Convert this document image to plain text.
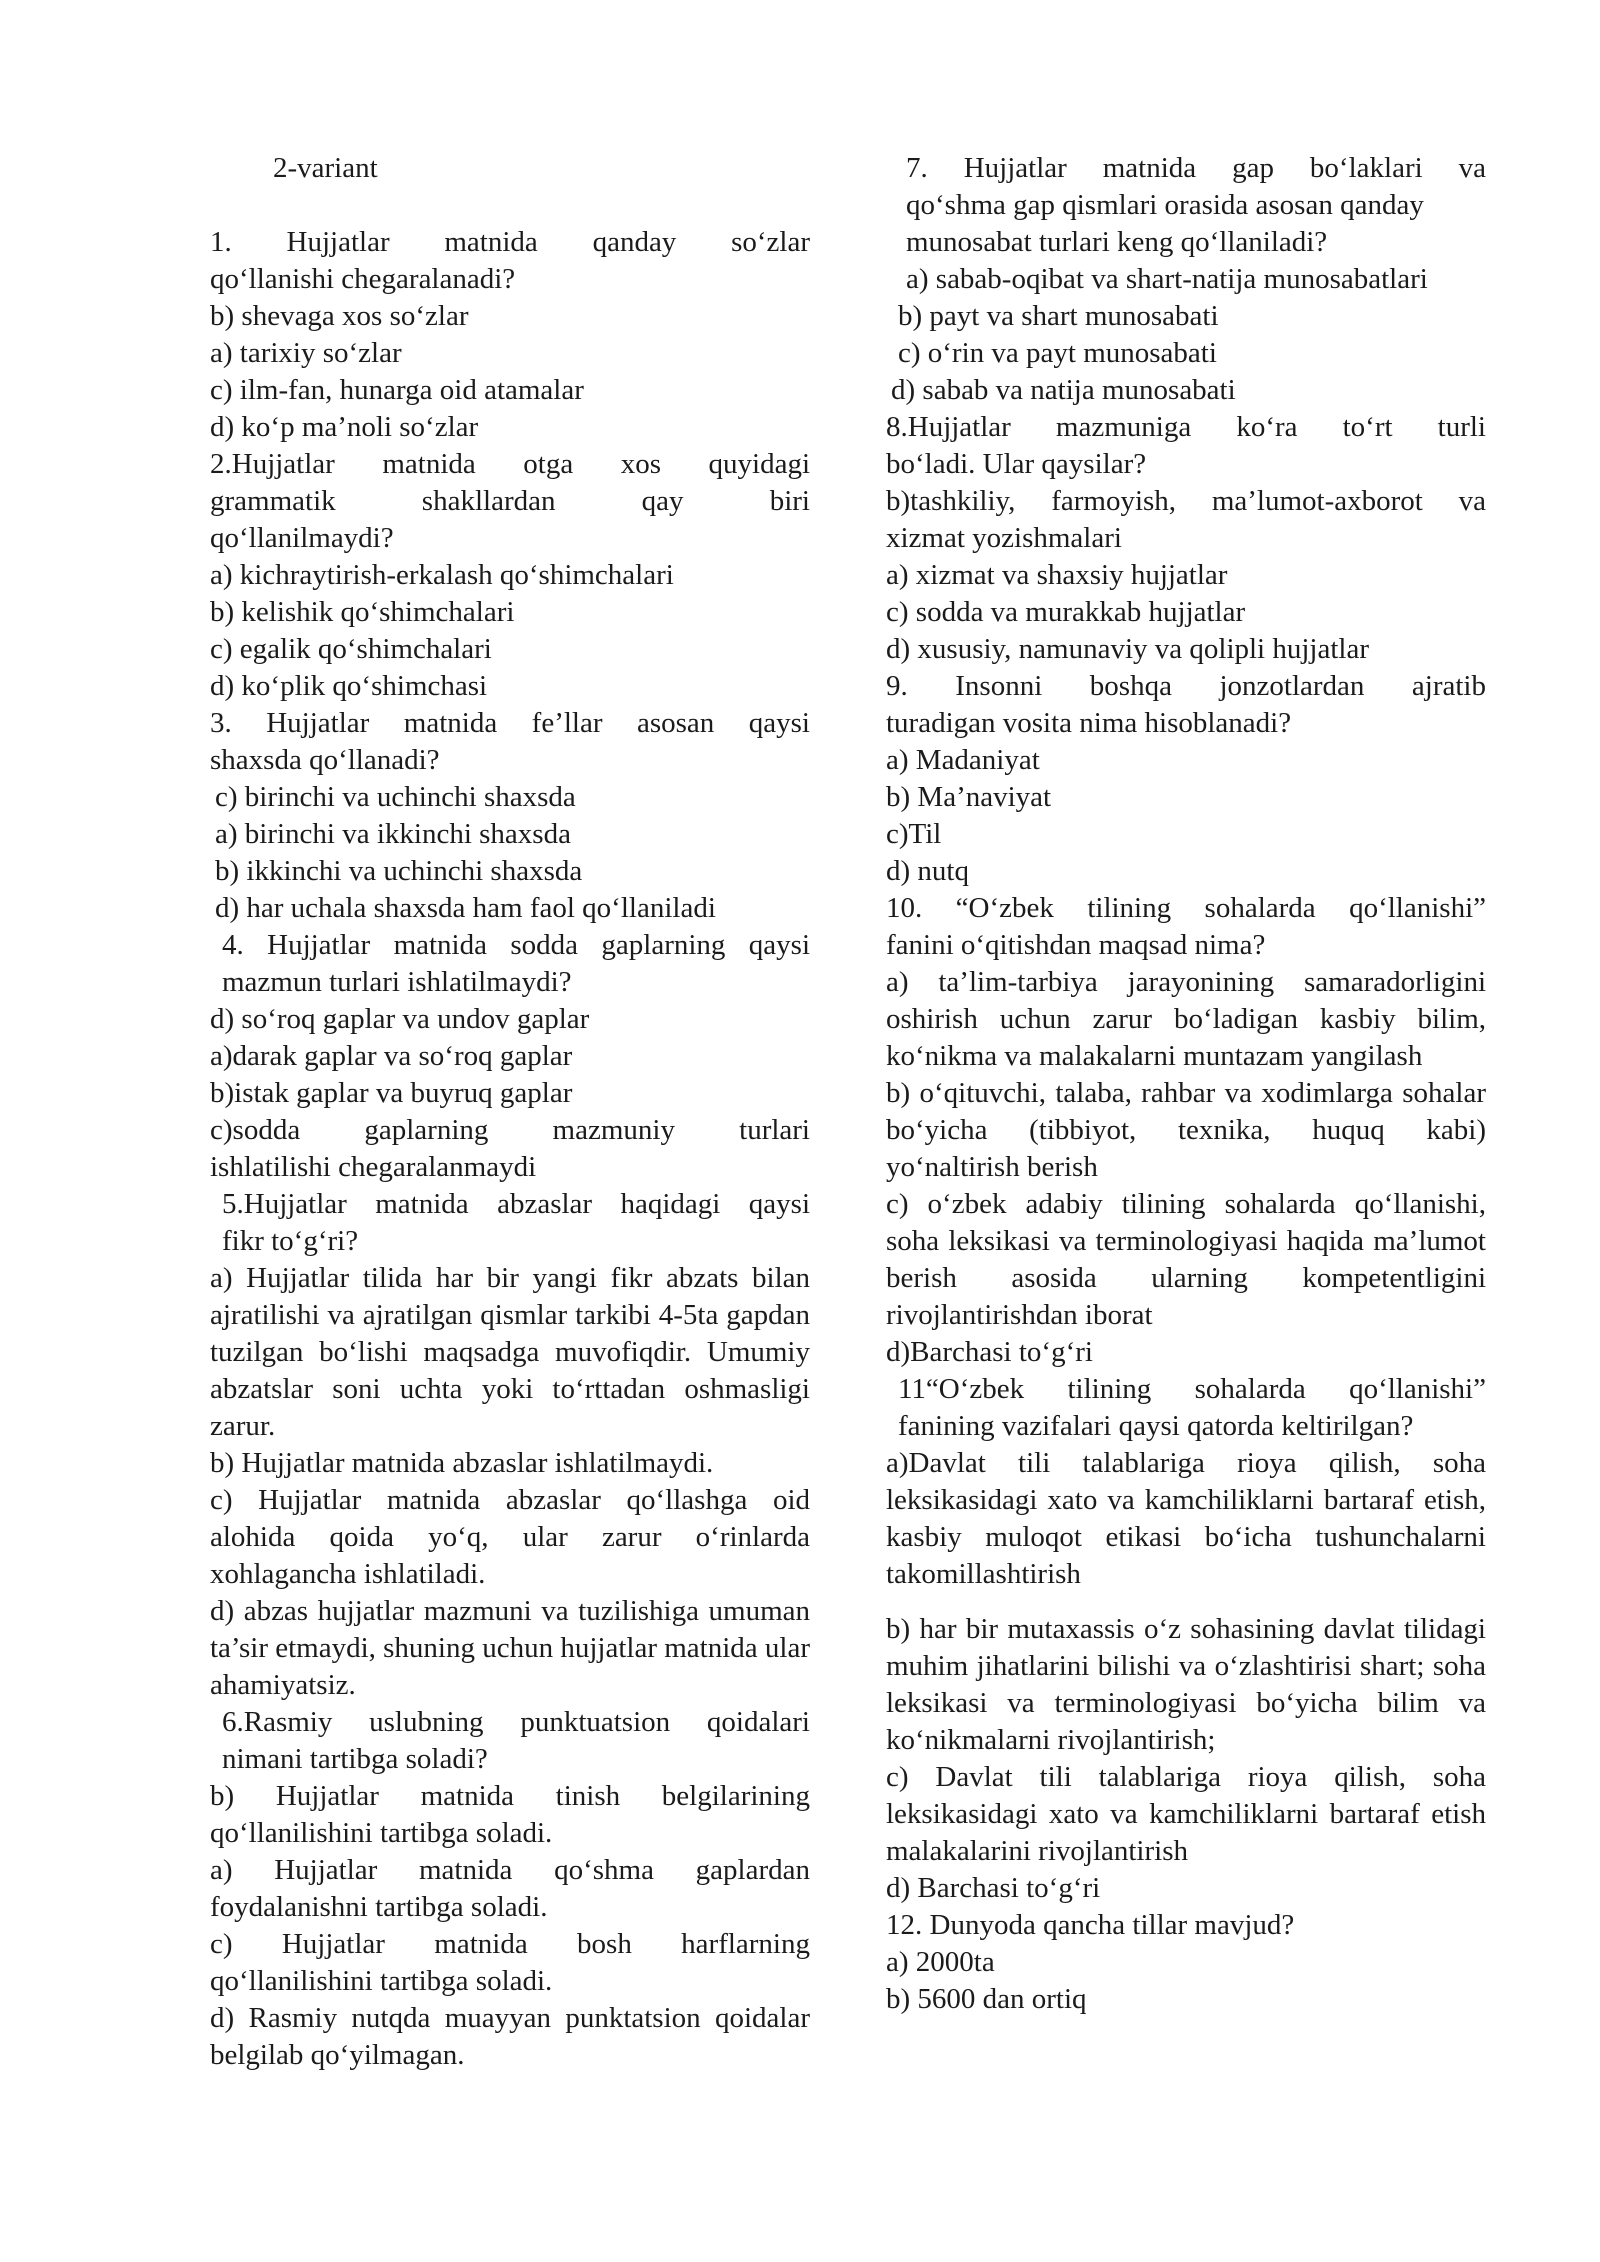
2-variant

1. Hujjatlar matnida qanday so‘zlar

qo‘llanishi chegaralanadi?

b) shevaga xos so‘zlar

a) tarixiy so‘zlar

c) ilm-fan, hunarga oid atamalar

d) ko‘p ma’noli so‘zlar

2.Hujjatlar matnida otga xos quyidagi

grammatik shakllardan qay biri

qo‘llanilmaydi?

a) kichraytirish-erkalash qo‘shimchalari

b) kelishik qo‘shimchalari

c) egalik qo‘shimchalari

d) ko‘plik qo‘shimchasi

3. Hujjatlar matnida fe’llar asosan qaysi

shaxsda qo‘llanadi?

c) birinchi va uchinchi shaxsda

a) birinchi va ikkinchi shaxsda

b) ikkinchi va uchinchi shaxsda

d) har uchala shaxsda ham faol qo‘llaniladi

4. Hujjatlar matnida sodda gaplarning qaysi

mazmun turlari ishlatilmaydi?

d) so‘roq gaplar va undov gaplar

a)darak gaplar va so‘roq gaplar

b)istak gaplar va buyruq gaplar

c)sodda gaplarning mazmuniy turlari

ishlatilishi chegaralanmaydi

5.Hujjatlar matnida abzaslar haqidagi qaysi

fikr to‘g‘ri?

a) Hujjatlar tilida har bir yangi fikr abzats bilan ajratilishi va ajratilgan qismlar tarkibi 4-5ta gapdan tuzilgan bo‘lishi maqsadga muvofiqdir. Umumiy abzatslar soni uchta yoki to‘rttadan oshmasligi zarur.

b) Hujjatlar matnida abzaslar ishlatilmaydi.

c) Hujjatlar matnida abzaslar qo‘llashga oid alohida qoida yo‘q, ular zarur o‘rinlarda xohlagancha ishlatiladi.

d) abzas hujjatlar mazmuni va tuzilishiga umuman ta’sir etmaydi, shuning uchun hujjatlar matnida ular ahamiyatsiz.

6.Rasmiy uslubning punktuatsion qoidalari

nimani tartibga soladi?

b) Hujjatlar matnida tinish belgilarining qo‘llanilishini tartibga soladi.

a) Hujjatlar matnida qo‘shma gaplardan foydalanishni tartibga soladi.

c) Hujjatlar matnida bosh harflarning qo‘llanilishini tartibga soladi.

d) Rasmiy nutqda muayyan punktatsion qoidalar belgilab qo‘yilmagan.

7. Hujjatlar matnida gap bo‘laklari va

qo‘shma gap qismlari orasida asosan qanday

munosabat turlari keng qo‘llaniladi?

a) sabab-oqibat va shart-natija munosabatlari

b) payt va shart munosabati

c) o‘rin va payt munosabati

d) sabab va natija munosabati

8.Hujjatlar mazmuniga ko‘ra to‘rt turli

bo‘ladi. Ular qaysilar?

b)tashkiliy, farmoyish, ma’lumot-axborot va

xizmat yozishmalari

a) xizmat va shaxsiy hujjatlar

c) sodda va murakkab hujjatlar

d) xususiy, namunaviy va qolipli hujjatlar

9. Insonni boshqa jonzotlardan ajratib

turadigan vosita nima hisoblanadi?

a) Madaniyat

b) Ma’naviyat

c)Til

d) nutq

10. “O‘zbek tilining sohalarda qo‘llanishi”

fanini o‘qitishdan maqsad nima?

a) ta’lim-tarbiya jarayonining samaradorligini oshirish uchun zarur bo‘ladigan kasbiy bilim, ko‘nikma va malakalarni muntazam yangilash

b) o‘qituvchi, talaba, rahbar va xodimlarga sohalar bo‘yicha (tibbiyot, texnika, huquq kabi) yo‘naltirish berish

c) o‘zbek adabiy tilining sohalarda qo‘llanishi, soha leksikasi va terminologiyasi haqida ma’lumot berish asosida ularning kompetentligini rivojlantirishdan iborat

d)Barchasi to‘g‘ri

11“O‘zbek tilining sohalarda qo‘llanishi”

fanining vazifalari qaysi qatorda keltirilgan?

a)Davlat tili talablariga rioya qilish, soha leksikasidagi xato va kamchiliklarni bartaraf etish, kasbiy muloqot etikasi bo‘icha tushunchalarni takomillashtirish

b) har bir mutaxassis o‘z sohasining davlat tilidagi muhim jihatlarini bilishi va o‘zlashtirisi shart; soha leksikasi va terminologiyasi bo‘yicha bilim va ko‘nikmalarni rivojlantirish;

c) Davlat tili talablariga rioya qilish, soha leksikasidagi xato va kamchiliklarni bartaraf etish malakalarini rivojlantirish

d) Barchasi to‘g‘ri

12. Dunyoda qancha tillar mavjud?

a) 2000ta

b) 5600 dan ortiq
